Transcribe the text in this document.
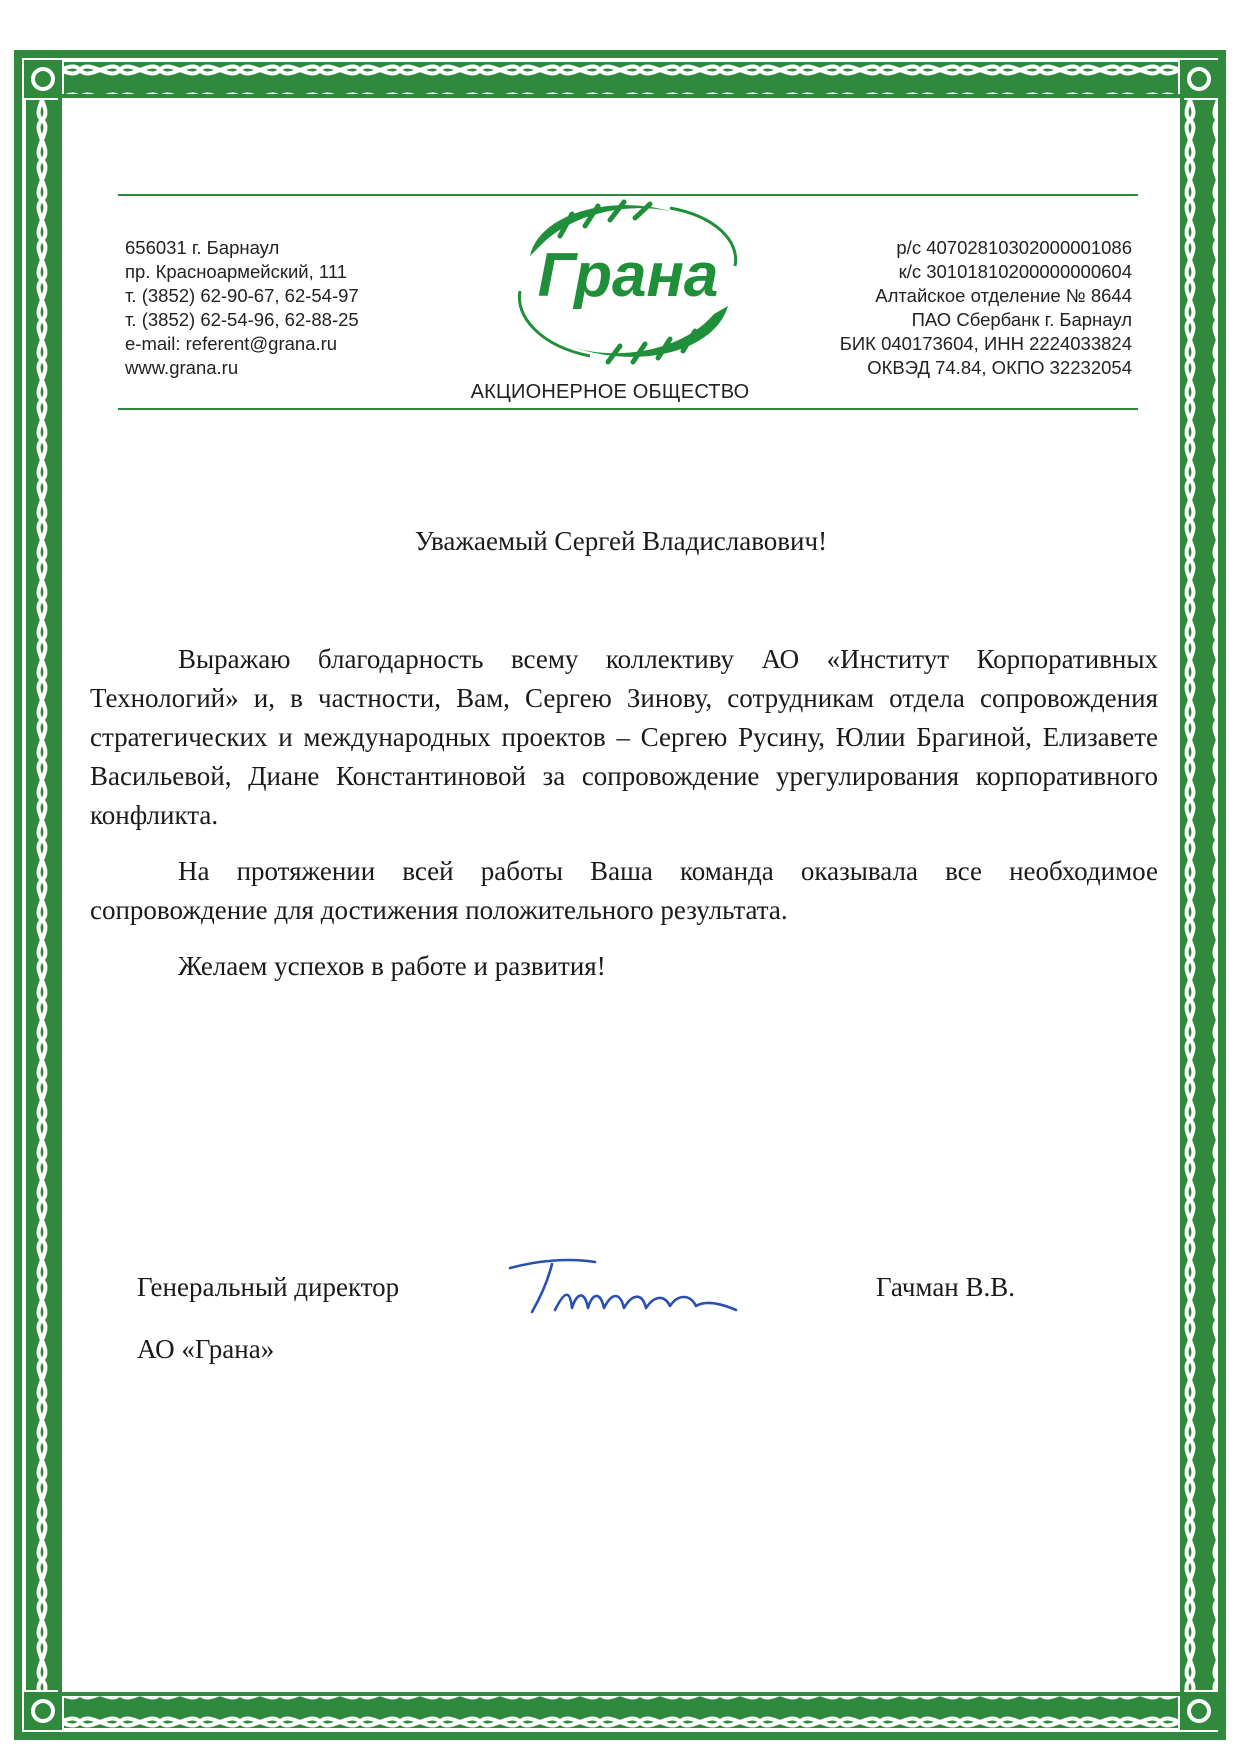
656031 г. Барнаул
пр. Красноармейский, 111
т. (3852) 62-90-67, 62-54-97
т. (3852) 62-54-96, 62-88-25
e-mail: referent@grana.ru
www.grana.ru
Грана
АКЦИОНЕРНОЕ ОБЩЕСТВО
р/с 40702810302000001086
к/с 30101810200000000604
Алтайское отделение № 8644
ПАО Сбербанк г. Барнаул
БИК 040173604, ИНН 2224033824
ОКВЭД 74.84, ОКПО 32232054
Уважаемый Сергей Владиславович!

Выражаю благодарность всему коллективу АО «Институт Корпоративных Технологий» и, в частности, Вам, Сергею Зинову, сотрудникам отдела сопровождения стратегических и международных проектов – Сергею Русину, Юлии Брагиной, Елизавете Васильевой, Диане Константиновой за сопровождение урегулирования корпоративного конфликта.

На протяжении всей работы Ваша команда оказывала все необходимое сопровождение для достижения положительного результата.

Желаем успехов в работе и развития!

Генеральный директор
АО «Грана»
Гачман В.В.
